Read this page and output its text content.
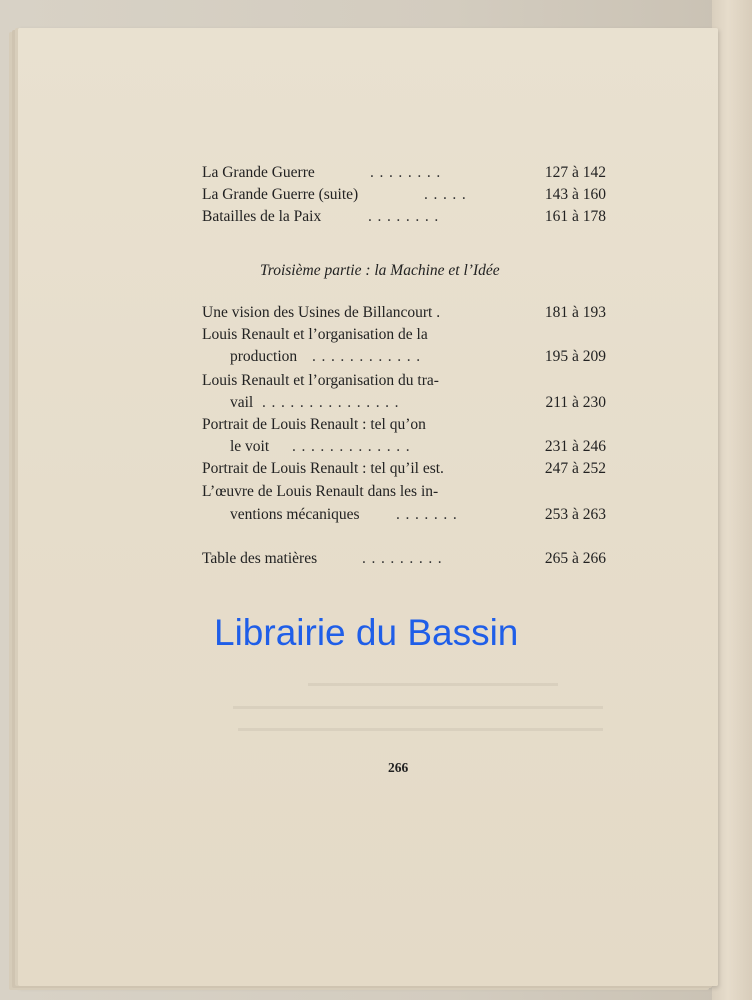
La Grande Guerre	........	127 à 142
La Grande Guerre (suite)	.....	143 à 160
Batailles de la Paix	........	161 à 178
Une vision des Usines de Billancourt .	181 à 193
Louis Renault et l’organisation de la
production ............	195 à 209
Louis Renault et l’organisation du tra-
vail ...............	211 à 230
Portrait de Louis Renault : tel qu’on
le voit .............	231 à 246
Portrait de Louis Renault : tel qu’il est.	247 à 252
L’œuvre de Louis Renault dans les in-
ventions mécaniques .......	253 à 263
Table des matières	.........	265 à 266
Troisième partie : la Machine et l’Idée
Librairie du Bassin
266
